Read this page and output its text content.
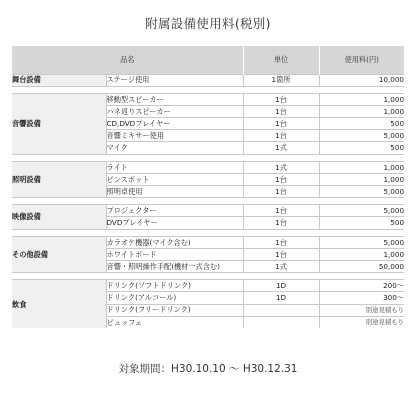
附属設備使用料(税別)
品名		単位	使用料(円)
舞台設備	ステージ使用	1箇所	10,000

音響設備	移動型スピーカー	1台	1,000
	ハネ返りスピーカー	1台	1,000
	CD,DVDプレイヤー	1台	500
	音響ミキサー使用	1台	5,000
	マイク	1式	500

照明設備	ライト	1式	1,000
	ピンスポット	1台	1,000
	照明卓使用	1台	5,000

映像設備	プロジェクター	1台	5,000
	DVDプレイヤー	1台	500

その他設備	カラオケ機器(マイク含む)	1台	5,000
	ホワイトボード	1台	1,000
	音響・照明操作手配(機材一式含む)	1式	50,000

飲食	ドリンク(ソフトドリンク)	1D	200～
	ドリンク(アルコール)	1D	300～
	ドリンク(フリードリンク)		別途見積もり
	ビュッフェ		別途見積もり
対象期間：H30.10.10 ～ H30.12.31
